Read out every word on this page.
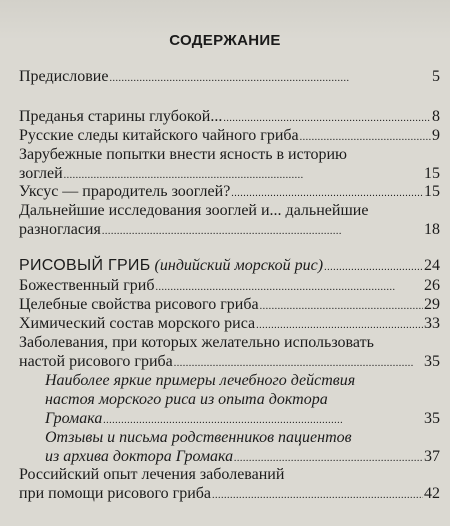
СОДЕРЖАНИЕ
Предисловие . . .	5
Преданья старины глубокой... . . .	8
Русские следы китайского чайного гриба . . .	9
Зарубежные попытки внести ясность в историю
зоглей . . .	15
Уксус — прародитель зооглей? . . .	15
Дальнейшие исследования зооглей и... дальнейшие
разногласия . . .	18
РИСОВЫЙ ГРИБ (индийский морской рис) . . .	24
Божественный гриб . . .	26
Целебные свойства рисового гриба . . .	29
Химический состав морского риса . . .	33
Заболевания, при которых желательно использовать
настой рисового гриба . . .	35
Наиболее яркие примеры лечебного действия
настоя морского риса из опыта доктора
Громака . . .	35
Отзывы и письма родственников пациентов
из архива доктора Громака . . .	37
Российский опыт лечения заболеваний
при помощи рисового гриба . . .	42
